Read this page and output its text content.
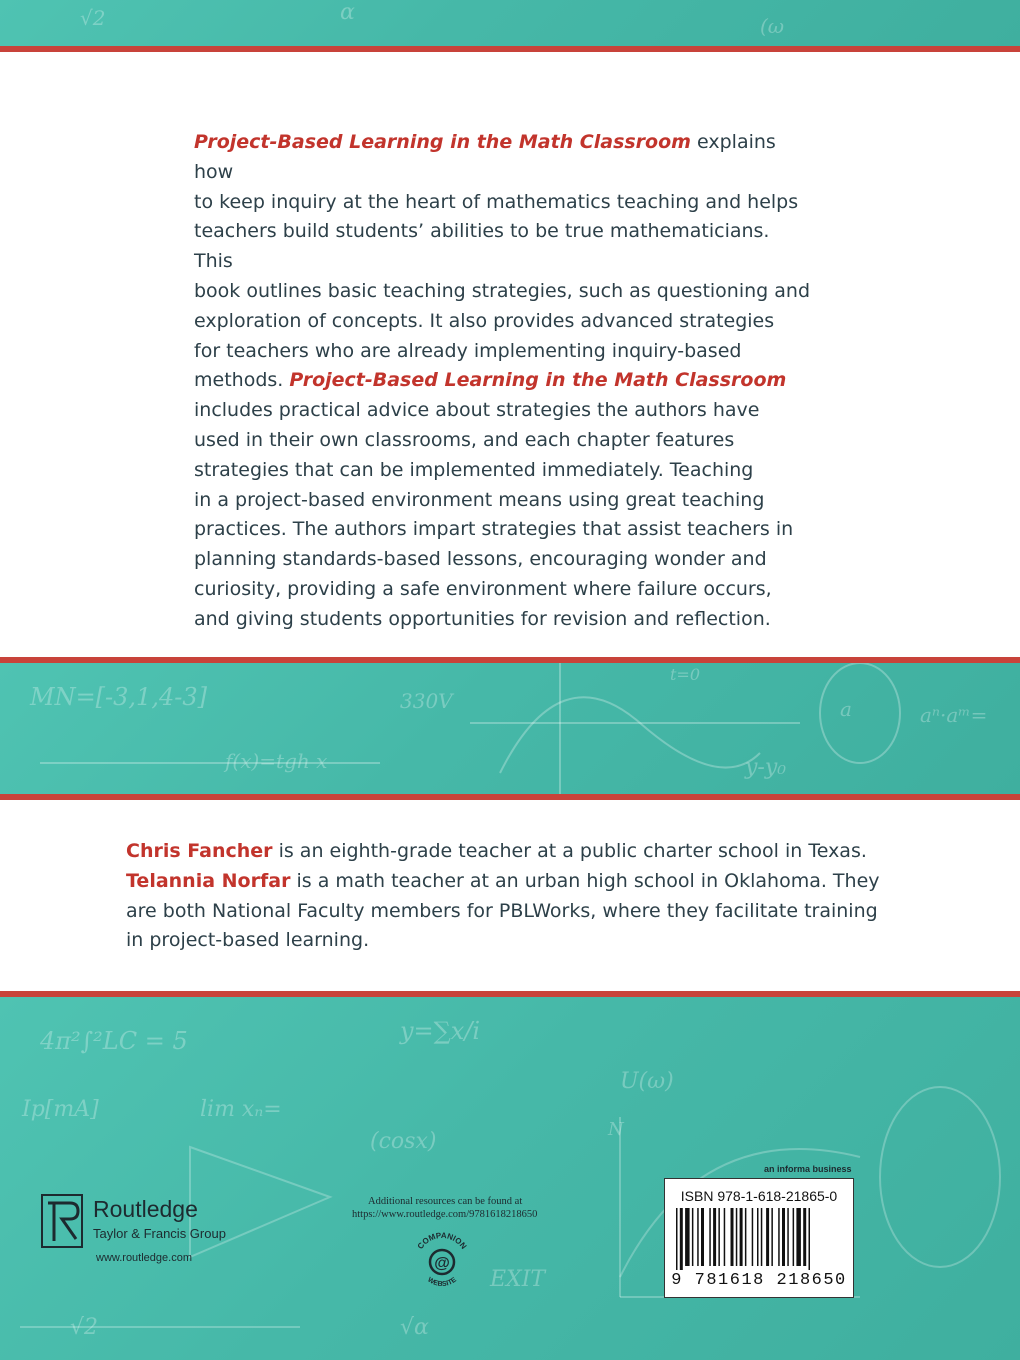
√2	α
(ω
Project-Based Learning in the Math Classroom explains how
to keep inquiry at the heart of mathematics teaching and helps
teachers build students’ abilities to be true mathematicians. This
book outlines basic teaching strategies, such as questioning and
exploration of concepts. It also provides advanced strategies
for teachers who are already implementing inquiry-based
methods. Project-Based Learning in the Math Classroom
includes practical advice about strategies the authors have
used in their own classrooms, and each chapter features
strategies that can be implemented immediately. Teaching
in a project-based environment means using great teaching
practices. The authors impart strategies that assist teachers in
planning standards-based lessons, encouraging wonder and
curiosity, providing a safe environment where failure occurs,
and giving students opportunities for revision and reflection.
MN=[-3,1,4-3]	330V
f(x)=tgh x	y-y₀
a	aⁿ·aᵐ=
t=0
Chris Fancher is an eighth-grade teacher at a public charter school in Texas.
Telannia Norfar is a math teacher at an urban high school in Oklahoma. They
are both National Faculty members for PBLWorks, where they facilitate training
in project-based learning.
4π²∫²LC = 5	y=∑x/i
Ip[mA]	lim xₙ=
(cosx)
U(ω)
N
EXIT
√2	√α
Routledge
Taylor & Francis Group
www.routledge.com
Additional resources can be found at
https://www.routledge.com/9781618218650
@
COMPANION
WEBSITE
an informa business
ISBN 978-1-618-21865-0
9 781618 218650
